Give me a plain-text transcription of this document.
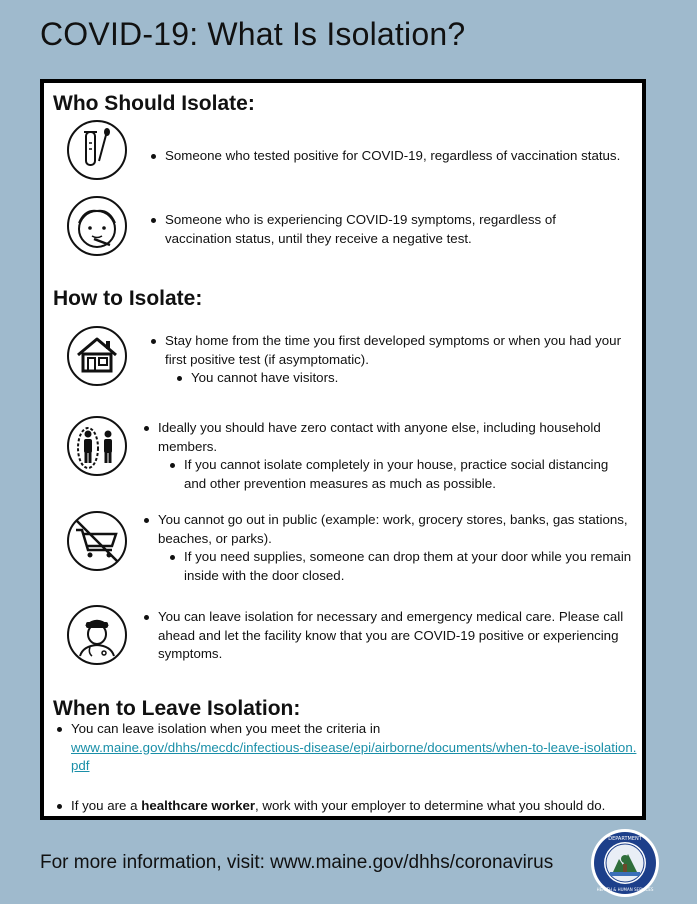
COVID-19: What Is Isolation?
Who Should Isolate:
Someone who tested positive for COVID-19, regardless of vaccination status.
Someone who is experiencing COVID-19 symptoms, regardless of vaccination status, until they receive a negative test.
How to Isolate:
Stay home from the time you first developed symptoms or when you had your first positive test (if asymptomatic).
You cannot have visitors.
Ideally you should have zero contact with anyone else, including household members.
If you cannot isolate completely in your house, practice social distancing and other prevention measures as much as possible.
You cannot go out in public (example: work, grocery stores, banks, gas stations, beaches, or parks).
If you need supplies, someone can drop them at your door while you remain inside with the door closed.
You can leave isolation for necessary and emergency medical care. Please call ahead and let the facility know that you are COVID-19 positive or experiencing symptoms.
When to Leave Isolation:
You can leave isolation when you meet the criteria in
www.maine.gov/dhhs/mecdc/infectious-disease/epi/airborne/documents/when-to-leave-isolation.pdf
If you are a healthcare worker, work with your employer to determine what you should do.
For more information, visit: www.maine.gov/dhhs/coronavirus
DEPARTMENT
HEALTH & HUMAN SERVICES
